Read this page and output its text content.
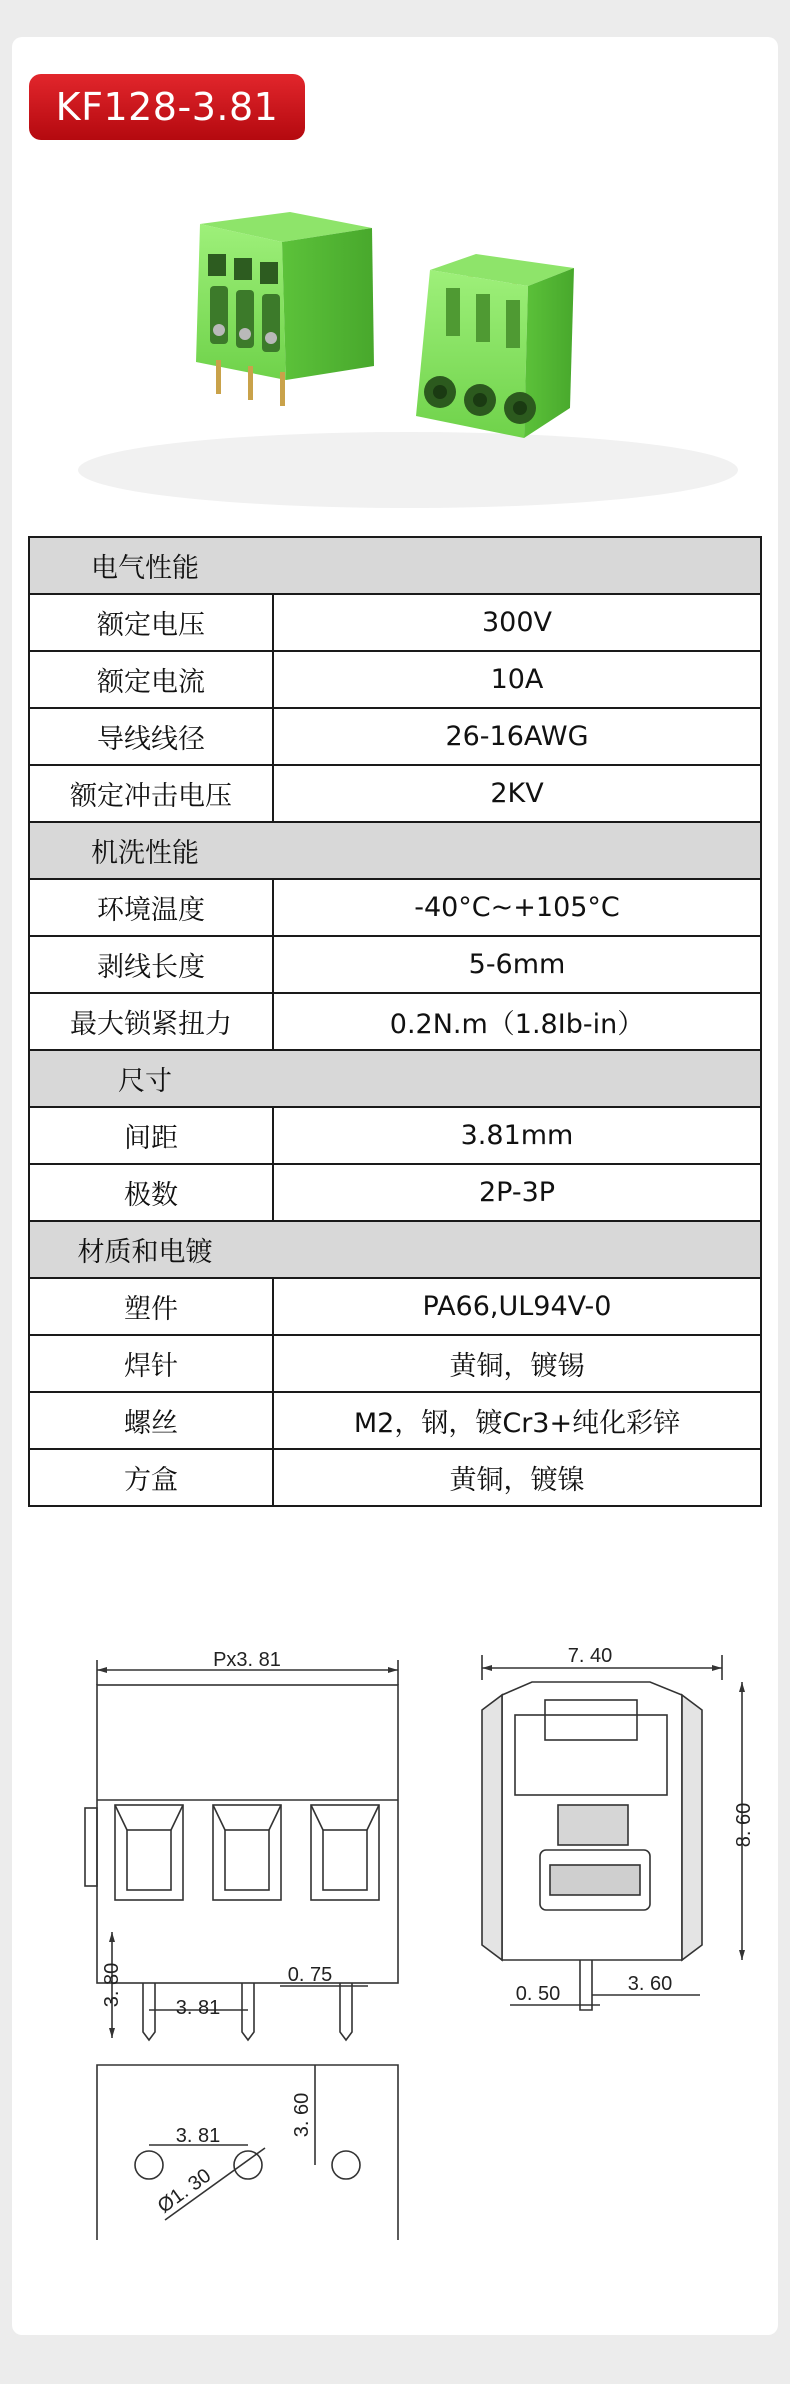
KF128-3.81
电气性能	
额定电压	300V
额定电流	10A
导线线径	26-16AWG
额定冲击电压	2KV
机洗性能	
环境温度	-40°C~+105°C
剥线长度	5-6mm
最大锁紧扭力	0.2N.m（1.8Ib-in）
尺寸	
间距	3.81mm
极数	2P-3P
材质和电镀	
塑件	PA66,UL94V-0
焊针	黄铜，镀锡
螺丝	M2，钢，镀Cr3+纯化彩锌
方盒	黄铜，镀镍
Px3. 81
3. 80
3. 81
0. 75
7. 40
8. 60
0. 50	3. 60
3. 81	3. 60
Ø1. 30
